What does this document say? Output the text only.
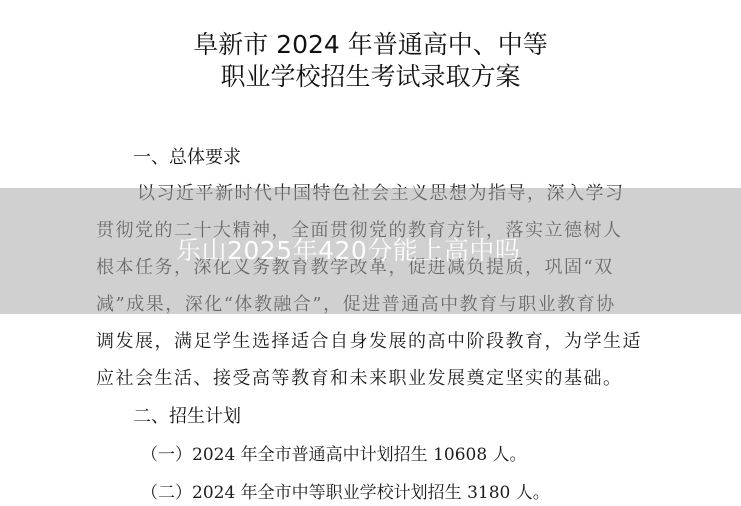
阜新市 2024 年普通高中、中等
职业学校招生考试录取方案
一、总体要求
调发展，满足学生选择适合自身发展的高中阶段教育，为学生适
应社会生活、接受高等教育和未来职业发展奠定坚实的基础。
二、招生计划
（一）2024 年全市普通高中计划招生 10608 人。
（二）2024 年全市中等职业学校计划招生 3180 人。
乐山2025年420分能上高中吗
